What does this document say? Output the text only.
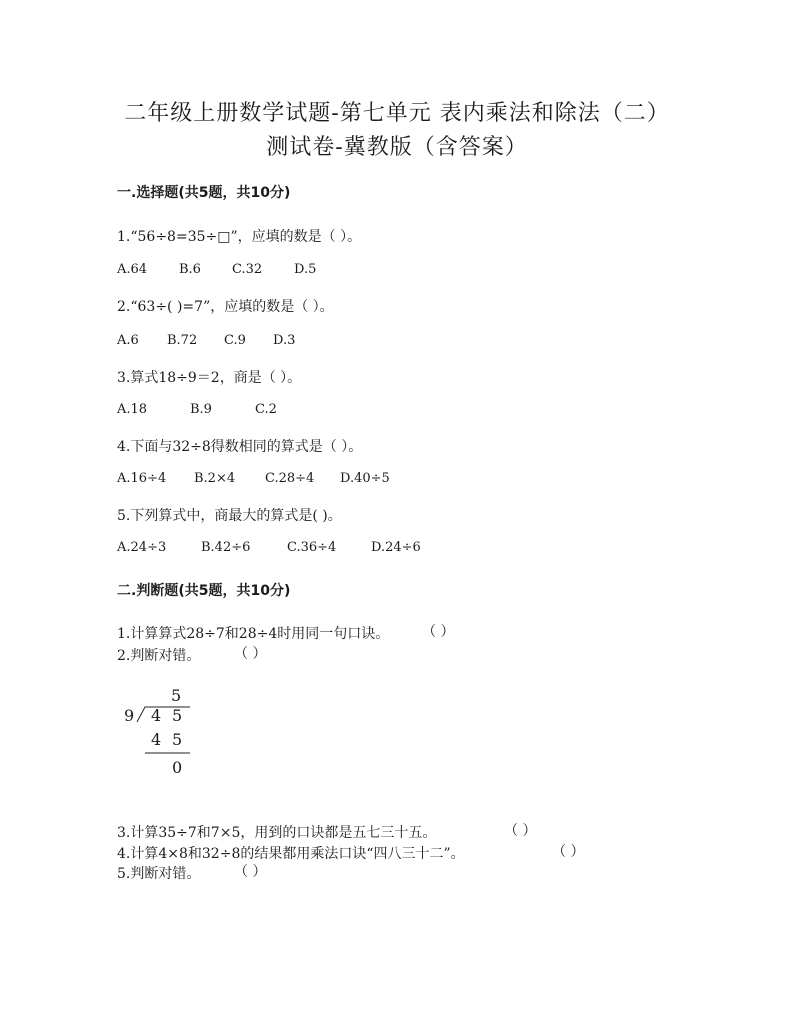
二年级上册数学试题-第七单元 表内乘法和除法（二）
测试卷-冀教版（含答案）
一.选择题(共5题，共10分)
1.“56÷8=35÷□”，应填的数是（ ）。
A.64 B.6 C.32 D.5
2.“63÷( )=7”，应填的数是（ ）。
A.6 B.72 C.9 D.3
3.算式18÷9＝2，商是（ ）。
A.18	B.9	C.2
4.下面与32÷8得数相同的算式是（ ）。
A.16÷4 B.2×4 C.28÷4 D.40÷5
5.下列算式中，商最大的算式是( )。
A.24÷3	B.42÷6	C.36÷4	D.24÷6
二.判断题(共5题，共10分)
1.计算算式28÷7和28÷4时用同一句口诀。 （ ）
2.判断对错。 （ ）
5
9 4 5
4 5
0
3.计算35÷7和7×5，用到的口诀都是五七三十五。	（ ）
4.计算4×8和32÷8的结果都用乘法口诀“四八三十二”。	（ ）
5.判断对错。 （ ）
